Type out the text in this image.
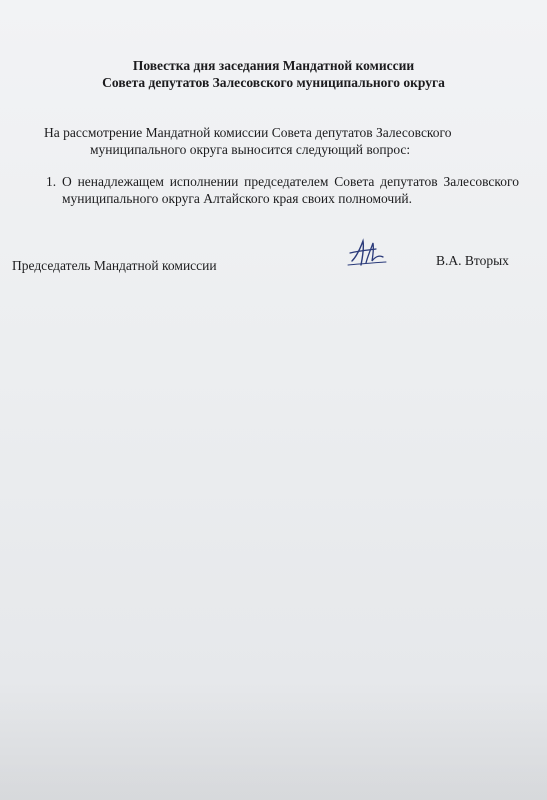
Повестка дня заседания Мандатной комиссии
Совета депутатов Залесовского муниципального округа
На рассмотрение Мандатной комиссии Совета депутатов Залесовского
муниципального округа выносится следующий вопрос:
1. О ненадлежащем исполнении председателем Совета депутатов Залесовского муниципального округа Алтайского края своих полномочий.
Председатель Мандатной комиссии	В.А. Вторых
